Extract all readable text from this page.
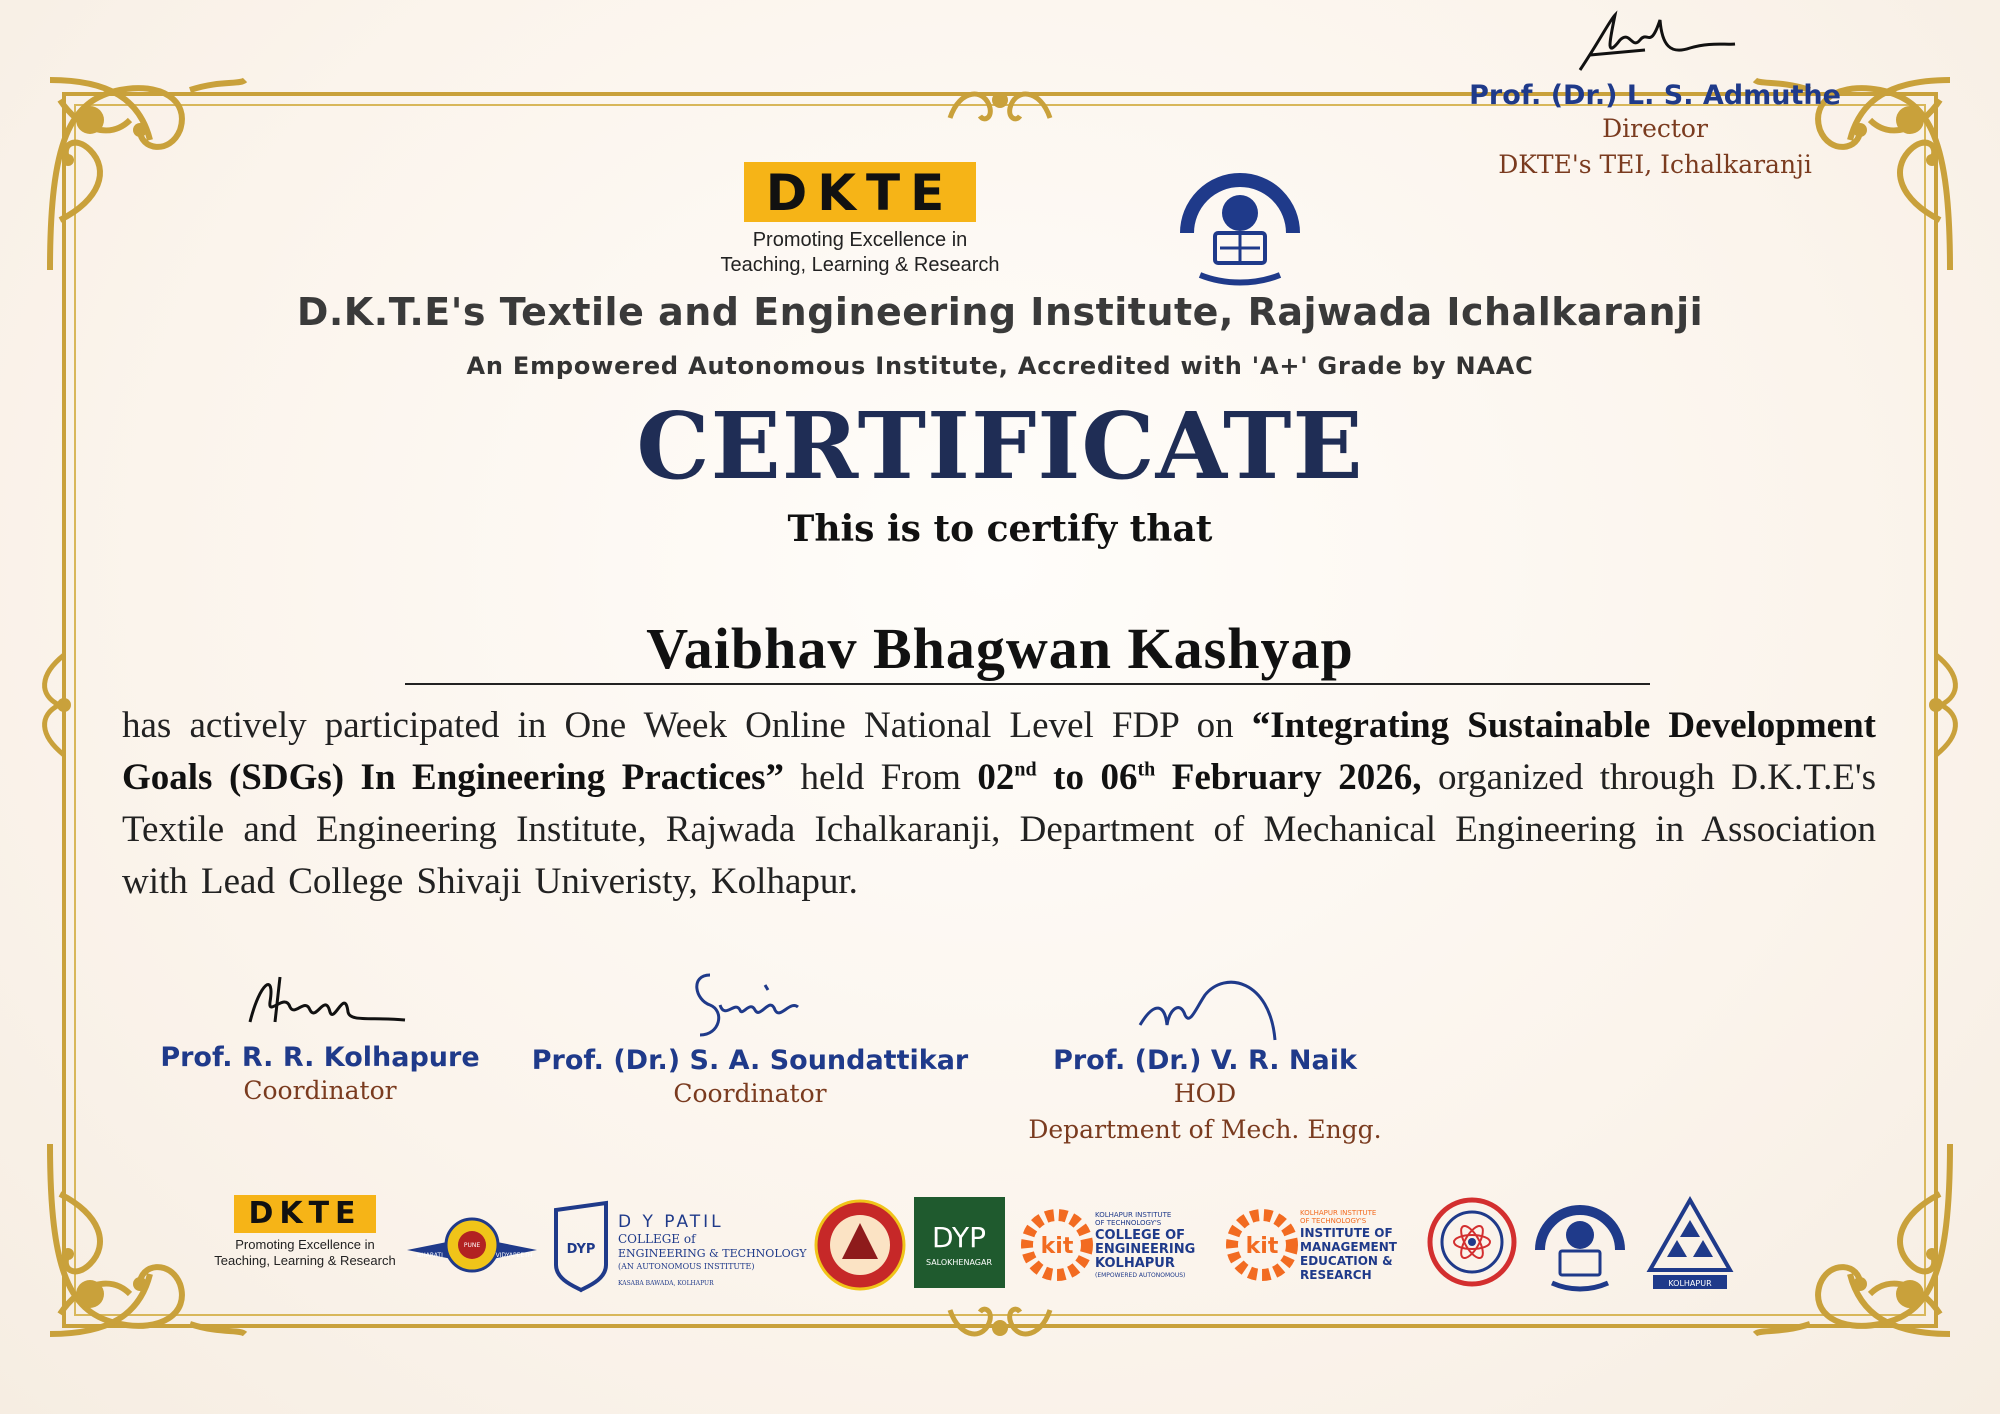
DKTE
Promoting Excellence in
Teaching, Learning & Research
D.K.T.E's Textile and Engineering Institute, Rajwada Ichalkaranji
An Empowered Autonomous Institute, Accredited with 'A+' Grade by NAAC
CERTIFICATE
This is to certify that
Vaibhav Bhagwan Kashyap
has actively participated in One Week Online National Level FDP on “Integrating Sustainable Development Goals (SDGs) In Engineering Practices” held From 02nd to 06th February 2026, organized through D.K.T.E's Textile and Engineering Institute, Rajwada Ichalkaranji, Department of Mechanical Engineering in Association with Lead College Shivaji Univeristy, Kolhapur.
Prof. R. R. Kolhapure
Coordinator
Prof. (Dr.) S. A. Soundattikar
Coordinator
Prof. (Dr.) V. R. Naik
HOD
Department of Mech. Engg.
Prof. (Dr.) L. S. Admuthe
Director
DKTE's TEI, Ichalkaranji
DKTE
Promoting Excellence in
Teaching, Learning & Research
PUNE
BHARATI	VIDYAPEETH	DYP
D Y PATIL
COLLEGE of
ENGINEERING & TECHNOLOGY
(AN AUTONOMOUS INSTITUTE)
KASABA BAWADA, KOLHAPUR
DYP
SALOKHENAGAR
kit
KOLHAPUR INSTITUTE
OF TECHNOLOGY'S
COLLEGE OF
ENGINEERING
KOLHAPUR
(EMPOWERED AUTONOMOUS)
kit
KOLHAPUR INSTITUTE
OF TECHNOLOGY'S
INSTITUTE OF
MANAGEMENT
EDUCATION &
RESEARCH
KOLHAPUR
